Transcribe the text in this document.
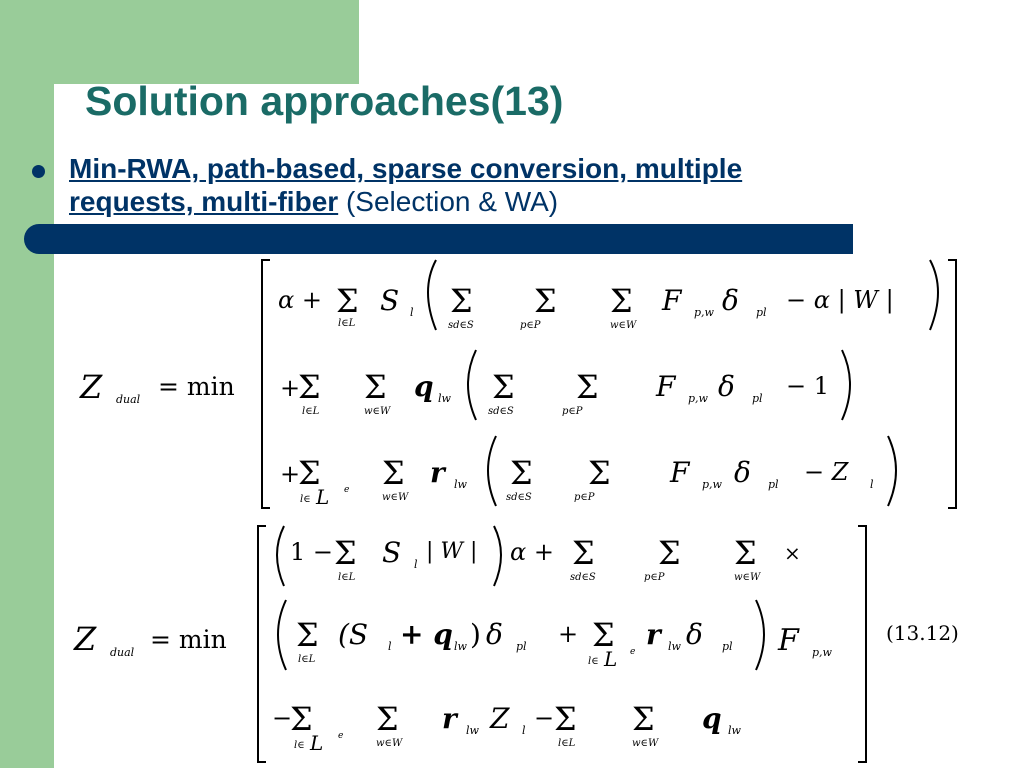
Solution approaches(13)
Min-RWA, path-based, sparse conversion, multiple
requests, multi-fiber (Selection & WA)
Z dual = min
α + Σ
l∈L
S l Σ
sd∈S
Σ
p∈P
Σ
w∈W
F p,w δ pl − α | W |
+
Σ
l∈L
Σ
w∈W
q lw Σ
sd∈S
Σ
p∈P
F p,w δ pl − 1
+
Σ
l∈ L e Σ
w∈W
r lw Σ
sd∈S
Σ
p∈P
F p,w δ pl − Z l
Z dual = min
1 − Σ
l∈L
S l
| W | α + Σ
sd∈S
Σ
p∈P
Σ
w∈W
×
Σ
l∈L
(S l + q lw ) δ pl + Σ
l∈ L e
r lw δ pl F p,w
−
Σ
l∈ L e Σ
w∈W
r lw Z l − Σ
l∈L
Σ
w∈W
q lw
(13.12)
